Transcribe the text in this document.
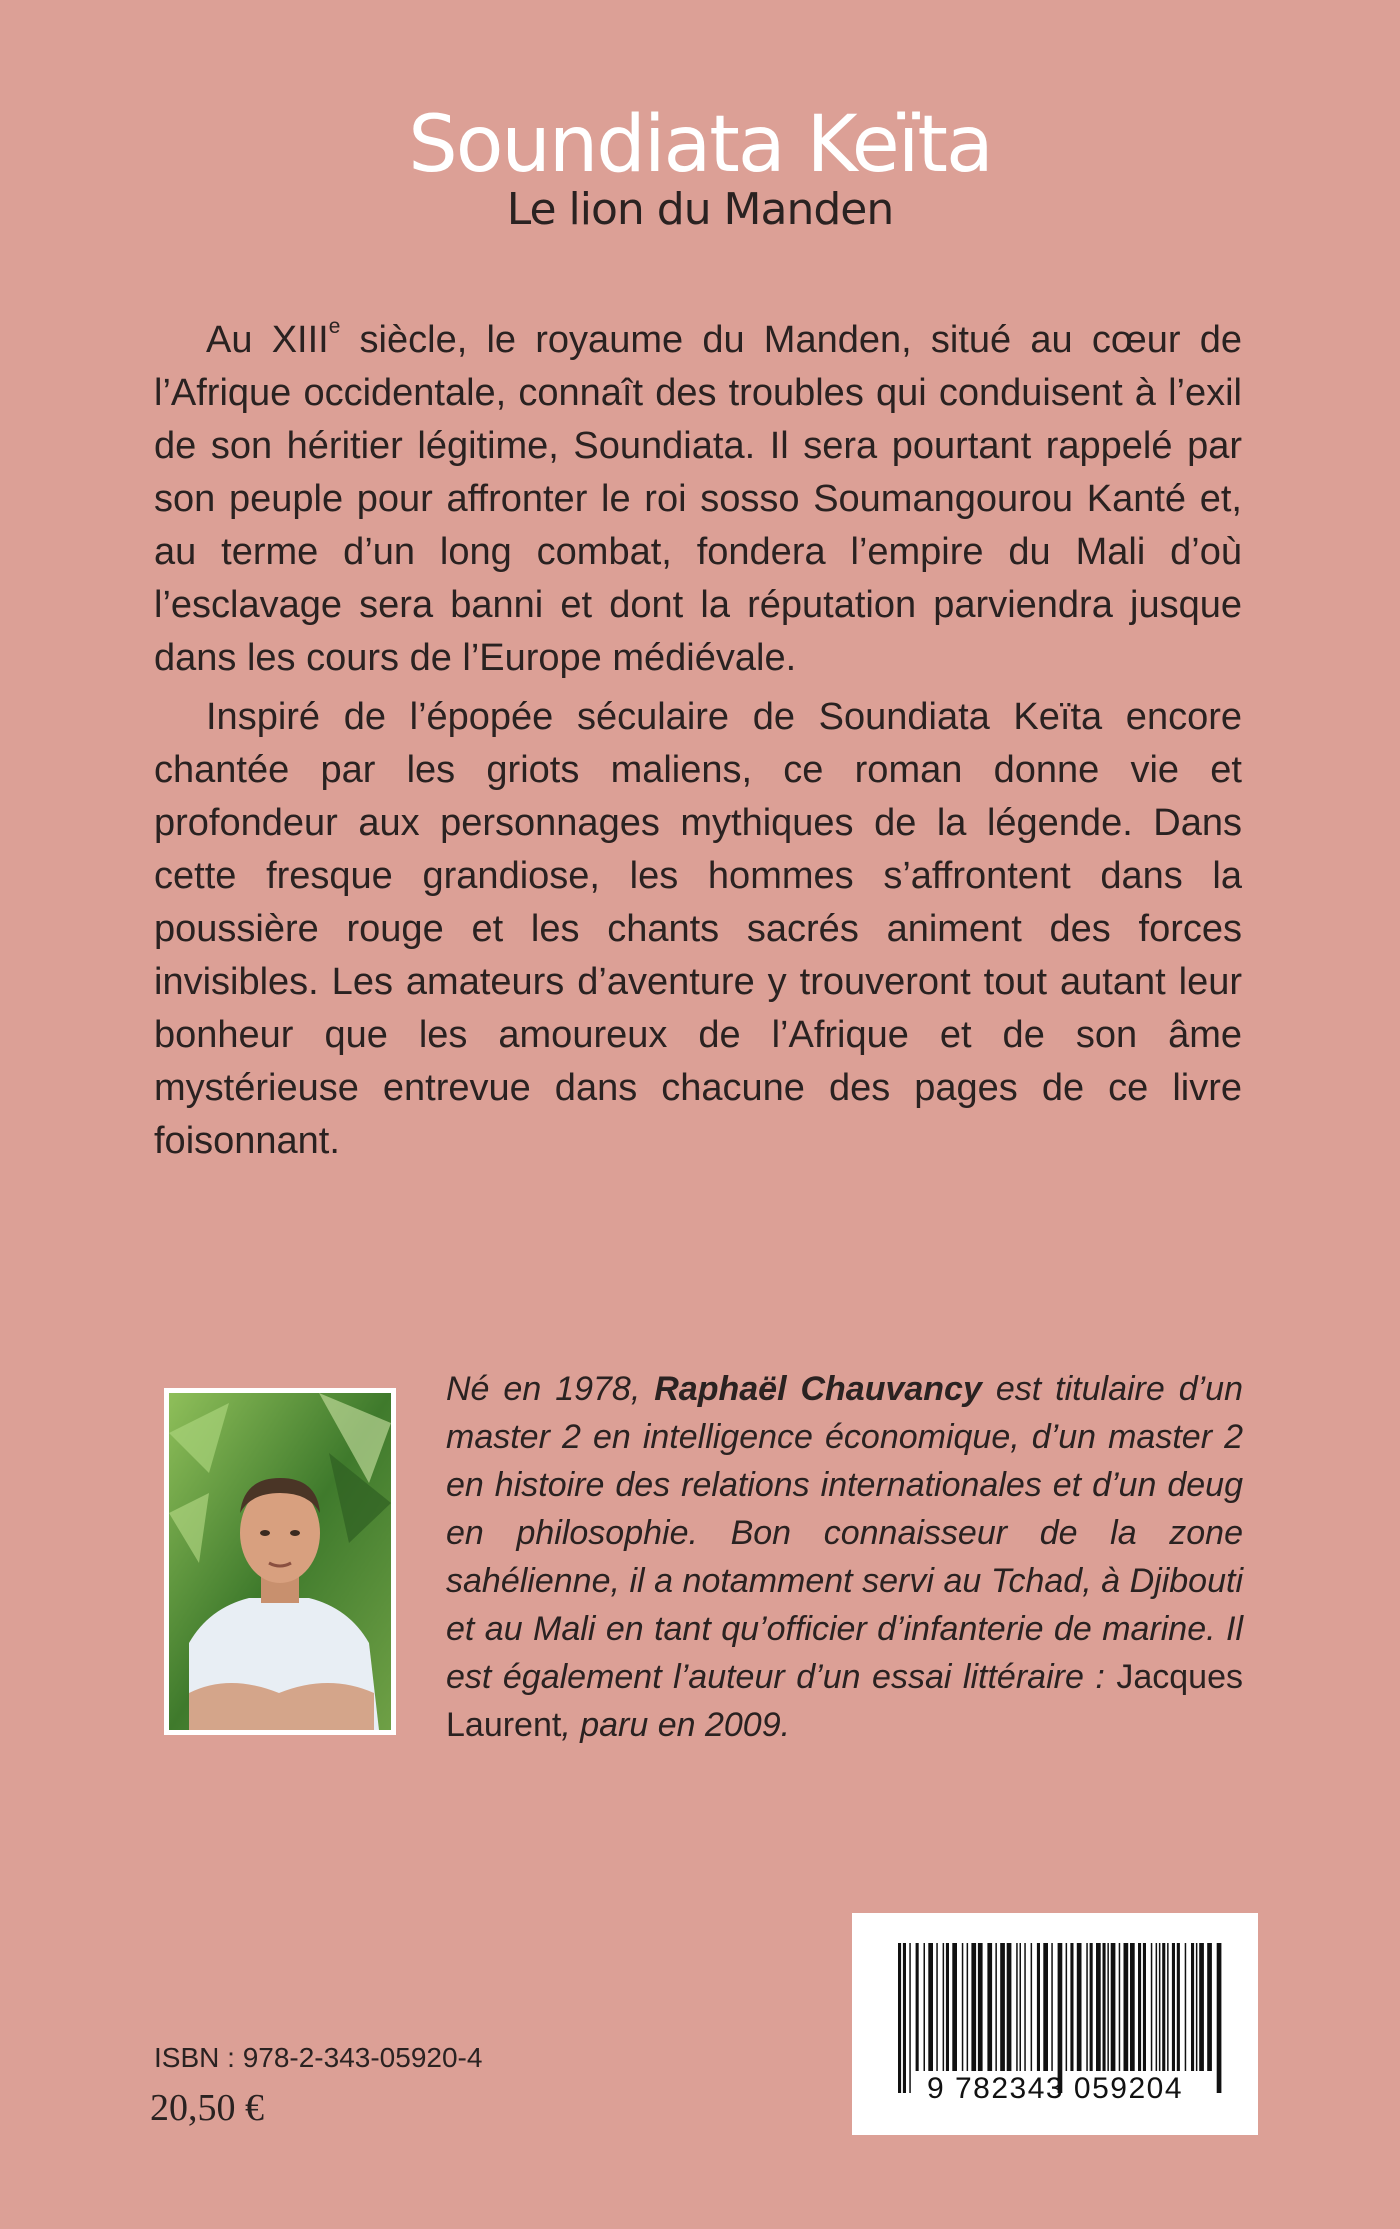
Soundiata Keïta
Le lion du Manden

Au XIIIe siècle, le royaume du Manden, situé au cœur de l’Afrique occidentale, connaît des troubles qui conduisent à l’exil de son héritier légitime, Soundiata. Il sera pourtant rappelé par son peuple pour affronter le roi sosso Soumangourou Kanté et, au terme d’un long combat, fondera l’empire du Mali d’où l’esclavage sera banni et dont la réputation parviendra jusque dans les cours de l’Europe médiévale.

Inspiré de l’épopée séculaire de Soundiata Keïta encore chantée par les griots maliens, ce roman donne vie et profondeur aux personnages mythiques de la légende. Dans cette fresque grandiose, les hommes s’affrontent dans la poussière rouge et les chants sacrés animent des forces invisibles. Les amateurs d’aventure y trouveront tout autant leur bonheur que les amoureux de l’Afrique et de son âme mystérieuse entrevue dans chacune des pages de ce livre foisonnant.

Né en 1978, Raphaël Chauvancy est titulaire d’un master 2 en intelligence économique, d’un master 2 en histoire des relations internationales et d’un deug en philosophie. Bon connaisseur de la zone sahélienne, il a notamment servi au Tchad, à Djibouti et au Mali en tant qu’officier d’infanterie de marine. Il est également l’auteur d’un essai littéraire : Jacques Laurent, paru en 2009.
ISBN : 978-2-343-05920-4
20,50 €	9 782343 059204
